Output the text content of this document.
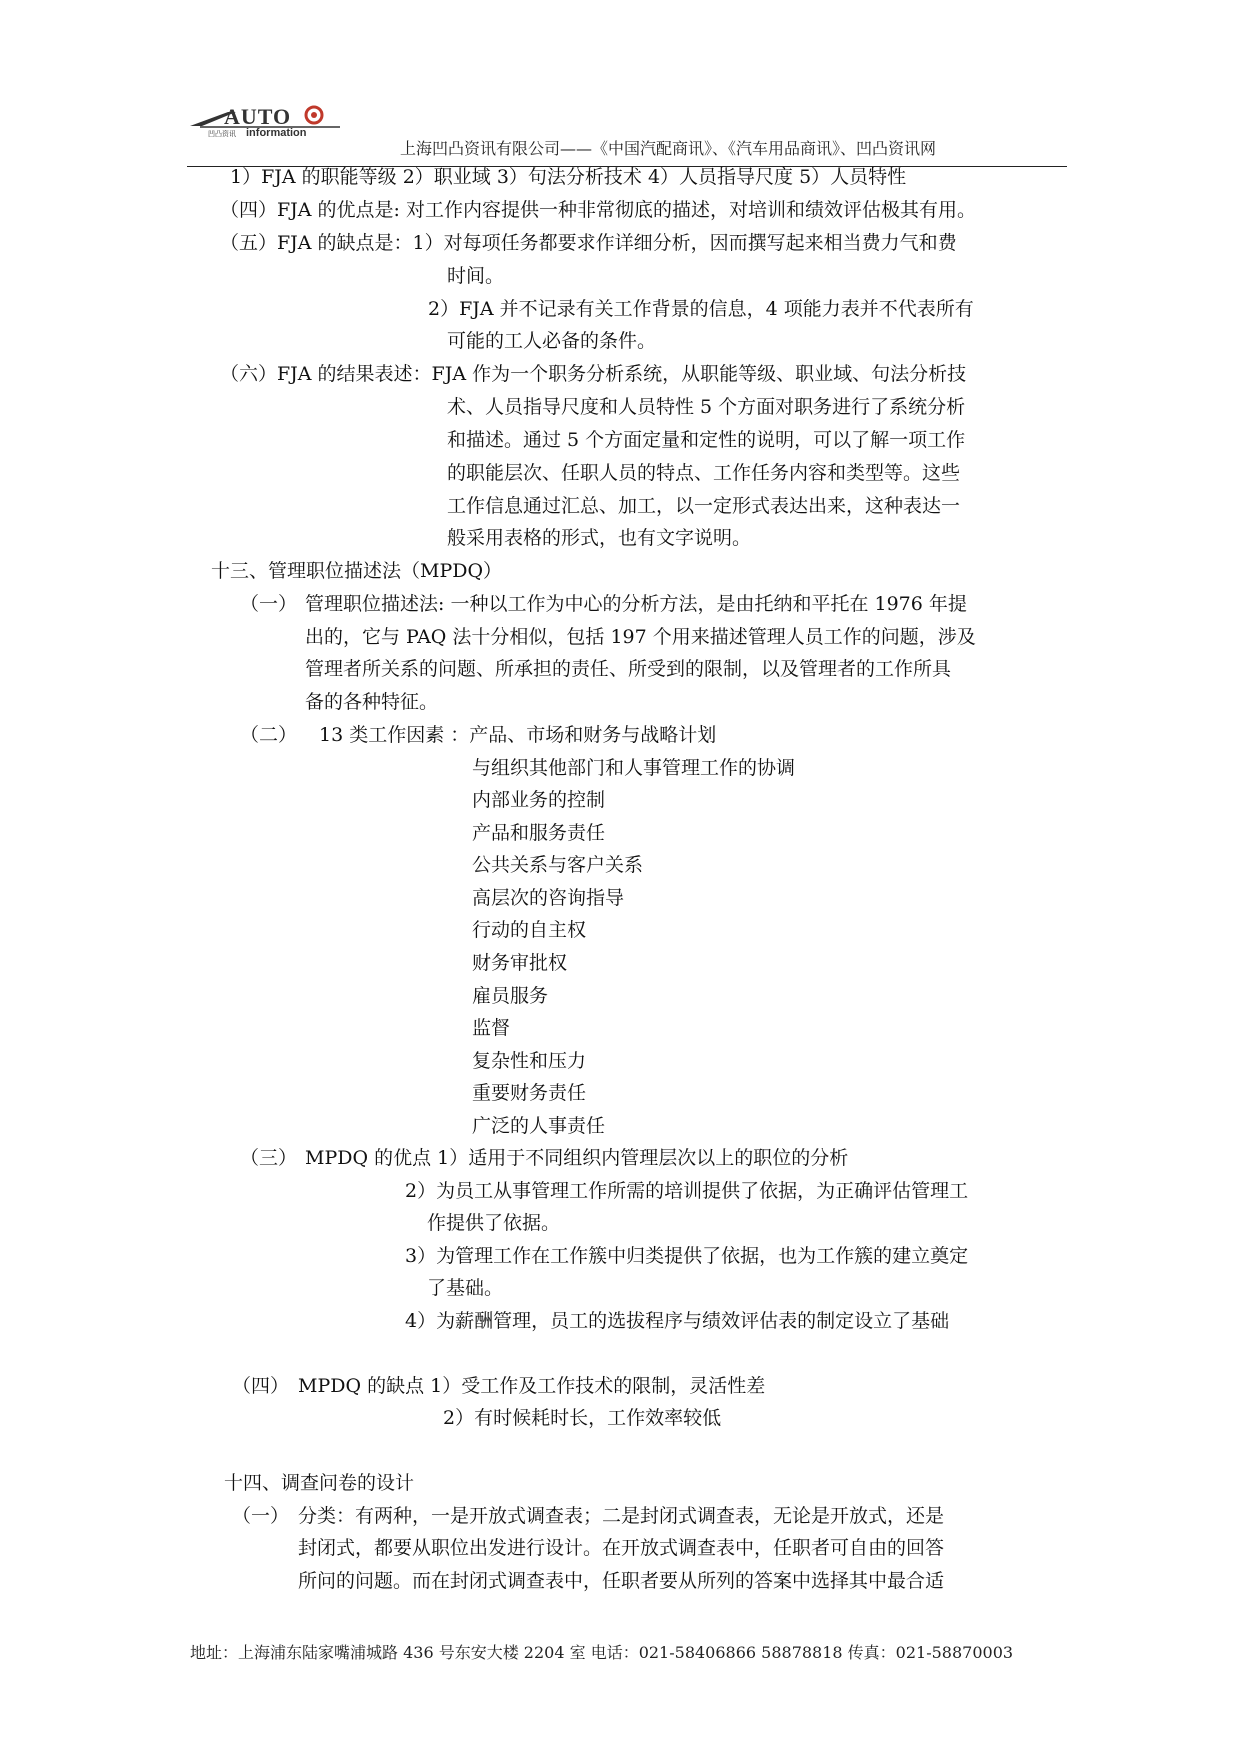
AUTO
凹凸资讯 information
上海凹凸资讯有限公司——《中国汽配商讯》、《汽车用品商讯》、凹凸资讯网
1）FJA 的职能等级 2）职业域 3）句法分析技术 4）人员指导尺度 5）人员特性
（四）FJA 的优点是: 对工作内容提供一种非常彻底的描述，对培训和绩效评估极其有用。
（五）FJA 的缺点是：1）对每项任务都要求作详细分析，因而撰写起来相当费力气和费
时间。
2）FJA 并不记录有关工作背景的信息，4 项能力表并不代表所有
可能的工人必备的条件。
（六）FJA 的结果表述：FJA 作为一个职务分析系统，从职能等级、职业域、句法分析技
术、人员指导尺度和人员特性 5 个方面对职务进行了系统分析
和描述。通过 5 个方面定量和定性的说明，可以了解一项工作
的职能层次、任职人员的特点、工作任务内容和类型等。这些
工作信息通过汇总、加工，以一定形式表达出来，这种表达一
般采用表格的形式，也有文字说明。
十三、管理职位描述法（MPDQ）
（一） 管理职位描述法: 一种以工作为中心的分析方法，是由托纳和平托在 1976 年提
出的，它与 PAQ 法十分相似，包括 197 个用来描述管理人员工作的问题，涉及
管理者所关系的问题、所承担的责任、所受到的限制，以及管理者的工作所具
备的各种特征。
（二） 13 类工作因素 ：产品、市场和财务与战略计划
与组织其他部门和人事管理工作的协调
内部业务的控制
产品和服务责任
公共关系与客户关系
高层次的咨询指导
行动的自主权
财务审批权
雇员服务
监督
复杂性和压力
重要财务责任
广泛的人事责任
（三） MPDQ 的优点 1）适用于不同组织内管理层次以上的职位的分析
2）为员工从事管理工作所需的培训提供了依据，为正确评估管理工
作提供了依据。
3）为管理工作在工作簇中归类提供了依据，也为工作簇的建立奠定
了基础。
4）为薪酬管理，员工的选拔程序与绩效评估表的制定设立了基础
（四） MPDQ 的缺点 1）受工作及工作技术的限制，灵活性差
2）有时候耗时长，工作效率较低
十四、调查问卷的设计
（一） 分类：有两种，一是开放式调查表；二是封闭式调查表，无论是开放式，还是
封闭式，都要从职位出发进行设计。在开放式调查表中，任职者可自由的回答
所问的问题。而在封闭式调查表中，任职者要从所列的答案中选择其中最合适
地址：上海浦东陆家嘴浦城路 436 号东安大楼 2204 室 电话：021-58406866 58878818 传真：021-58870003
